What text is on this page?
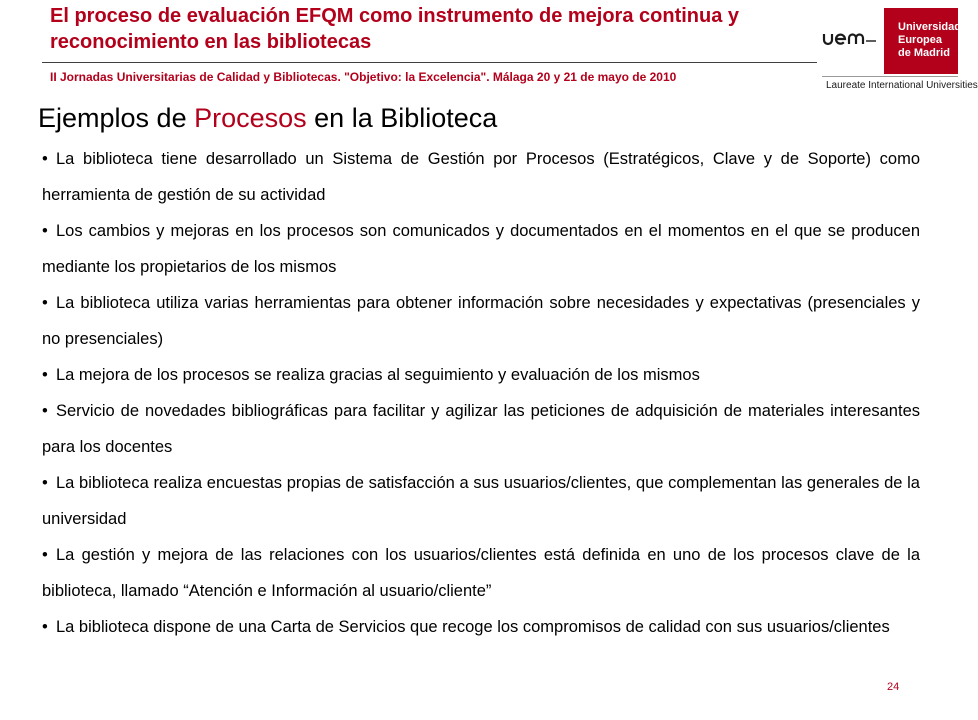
El proceso de evaluación EFQM como instrumento de mejora continua y reconocimiento en las bibliotecas
II Jornadas Universitarias de Calidad y Bibliotecas. "Objetivo: la Excelencia". Málaga 20 y 21 de mayo de 2010
Universidad
Europea
de Madrid
Laureate International Universities
Ejemplos de Procesos en la Biblioteca
• La biblioteca tiene desarrollado un Sistema de Gestión por Procesos (Estratégicos, Clave y de Soporte) como herramienta de gestión de su actividad
• Los cambios y mejoras en los procesos son comunicados y documentados en el momentos en el que se producen mediante los propietarios de los mismos
• La biblioteca utiliza varias herramientas para obtener información sobre necesidades y expectativas (presenciales y no presenciales)
• La mejora de los procesos se realiza gracias al seguimiento y evaluación de los mismos
• Servicio de novedades bibliográficas para facilitar y agilizar las peticiones de adquisición de materiales interesantes para los docentes
• La biblioteca realiza encuestas propias de satisfacción a sus usuarios/clientes, que complementan las generales de la universidad
• La gestión y mejora de las relaciones con los usuarios/clientes está definida en uno de los procesos clave de la biblioteca, llamado “Atención e Información al usuario/cliente”
• La biblioteca dispone de una Carta de Servicios que recoge los compromisos de calidad con sus usuarios/clientes
24
